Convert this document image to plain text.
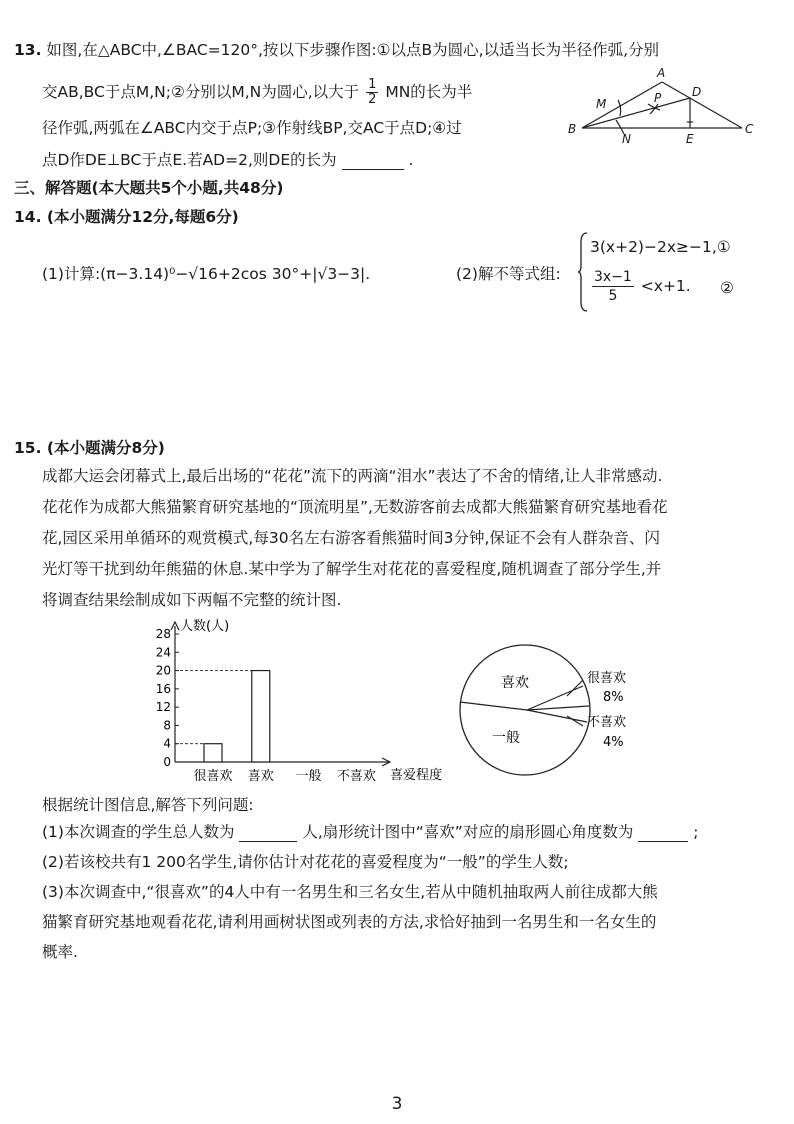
13. 如图,在△ABC中,∠BAC=120°,按以下步骤作图:①以点B为圆心,以适当长为半径作弧,分别
交AB,BC于点M,N;②分别以M,N为圆心,以大于 $\frac{1}{2}$ MN的长为半
径作弧,两弧在∠ABC内交于点P;③作射线BP,交AC于点D;④过
点D作DE⊥BC于点E.若AD=2,则DE的长为	.
A
B	C
D
E
M
N
P
三、解答题(本大题共5个小题,共48分)
14. (本小题满分12分,每题6分)
(1)计算:(π−3.14)⁰−√16+2cos 30°+|√3−3|.	(2)解不等式组:
3(x+2)−2x≥−1,①
$\frac{3x-1}{5} <x+1$. ②
15. (本小题满分8分)
成都大运会闭幕式上,最后出场的“花花”流下的两滴“泪水”表达了不舍的情绪,让人非常感动.
花花作为成都大熊猫繁育研究基地的“顶流明星”,无数游客前去成都大熊猫繁育研究基地看花
花,园区采用单循环的观赏模式,每30名左右游客看熊猫时间3分钟,保证不会有人群杂音、闪
光灯等干扰到幼年熊猫的休息.某中学为了解学生对花花的喜爱程度,随机调查了部分学生,并
将调查结果绘制成如下两幅不完整的统计图.
人数(人)
喜爱程度
0
4
8
12
16
20
24
28
很喜欢 喜欢 一般 不喜欢
喜欢
一般
很喜欢
8%
不喜欢
4%
根据统计图信息,解答下列问题:
(1)本次调查的学生总人数为	人,扇形统计图中“喜欢”对应的扇形圆心角度数为	;
(2)若该校共有1 200名学生,请你估计对花花的喜爱程度为“一般”的学生人数;
(3)本次调查中,“很喜欢”的4人中有一名男生和三名女生,若从中随机抽取两人前往成都大熊
猫繁育研究基地观看花花,请利用画树状图或列表的方法,求恰好抽到一名男生和一名女生的
概率.
3
